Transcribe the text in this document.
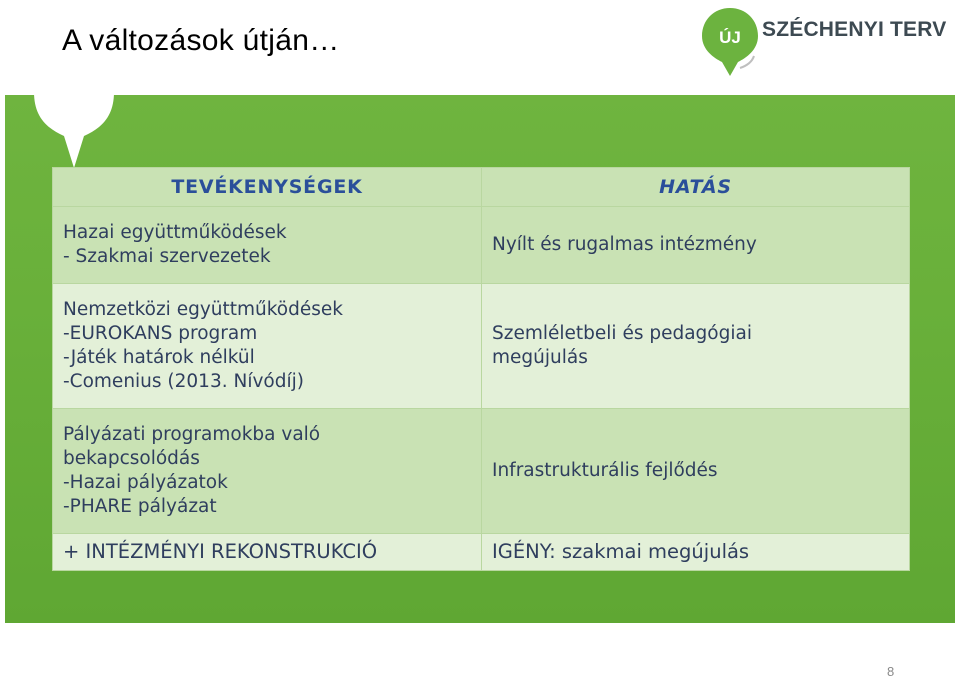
A változások útján…	ÚJ SZÉCHENYI TERV
TEVÉKENYSÉGEK	HATÁS

Hazai együttműködések
- Szakmai szervezetek	Nyílt és rugalmas intézmény

Nemzetközi együttműködések
-EUROKANS program
-Játék határok nélkül
-Comenius (2013. Nívódíj)	Szemléletbeli és pedagógiai
megújulás

Pályázati programokba való
bekapcsolódás
-Hazai pályázatok
-PHARE pályázat	Infrastrukturális fejlődés

+ INTÉZMÉNYI REKONSTRUKCIÓ	IGÉNY: szakmai megújulás
8
